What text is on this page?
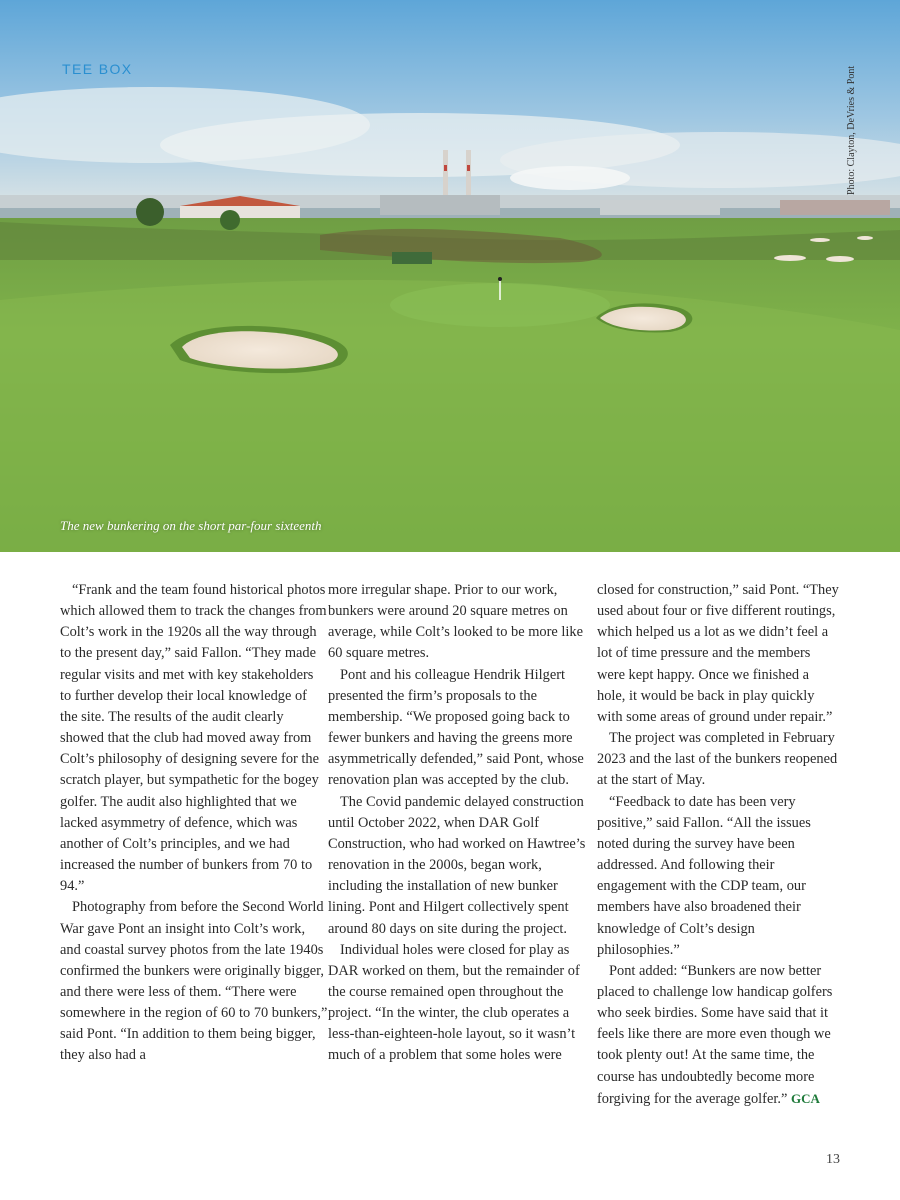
TEE BOX	Photo: Clayton, DeVries & Pont
The new bunkering on the short par-four sixteenth

“Frank and the team found historical photos which allowed them to track the changes from Colt’s work in the 1920s all the way through to the present day,” said Fallon. “They made regular visits and met with key stakeholders to further develop their local knowledge of the site. The results of the audit clearly showed that the club had moved away from Colt’s philosophy of designing severe for the scratch player, but sympathetic for the bogey golfer. The audit also highlighted that we lacked asymmetry of defence, which was another of Colt’s principles, and we had increased the number of bunkers from 70 to 94.”

Photography from before the Second World War gave Pont an insight into Colt’s work, and coastal survey photos from the late 1940s confirmed the bunkers were originally bigger, and there were less of them. “There were somewhere in the region of 60 to 70 bunkers,” said Pont. “In addition to them being bigger, they also had a

more irregular shape. Prior to our work, bunkers were around 20 square metres on average, while Colt’s looked to be more like 60 square metres.

Pont and his colleague Hendrik Hilgert presented the firm’s proposals to the membership. “We proposed going back to fewer bunkers and having the greens more asymmetrically defended,” said Pont, whose renovation plan was accepted by the club.

The Covid pandemic delayed construction until October 2022, when DAR Golf Construction, who had worked on Hawtree’s renovation in the 2000s, began work, including the installation of new bunker lining. Pont and Hilgert collectively spent around 80 days on site during the project.

Individual holes were closed for play as DAR worked on them, but the remainder of the course remained open throughout the project. “In the winter, the club operates a less-than-eighteen-hole layout, so it wasn’t much of a problem that some holes were

closed for construction,” said Pont. “They used about four or five different routings, which helped us a lot as we didn’t feel a lot of time pressure and the members were kept happy. Once we finished a hole, it would be back in play quickly with some areas of ground under repair.”

The project was completed in February 2023 and the last of the bunkers reopened at the start of May.

“Feedback to date has been very positive,” said Fallon. “All the issues noted during the survey have been addressed. And following their engagement with the CDP team, our members have also broadened their knowledge of Colt’s design philosophies.”

Pont added: “Bunkers are now better placed to challenge low handicap golfers who seek birdies. Some have said that it feels like there are more even though we took plenty out! At the same time, the course has undoubtedly become more forgiving for the average golfer.” GCA

13
